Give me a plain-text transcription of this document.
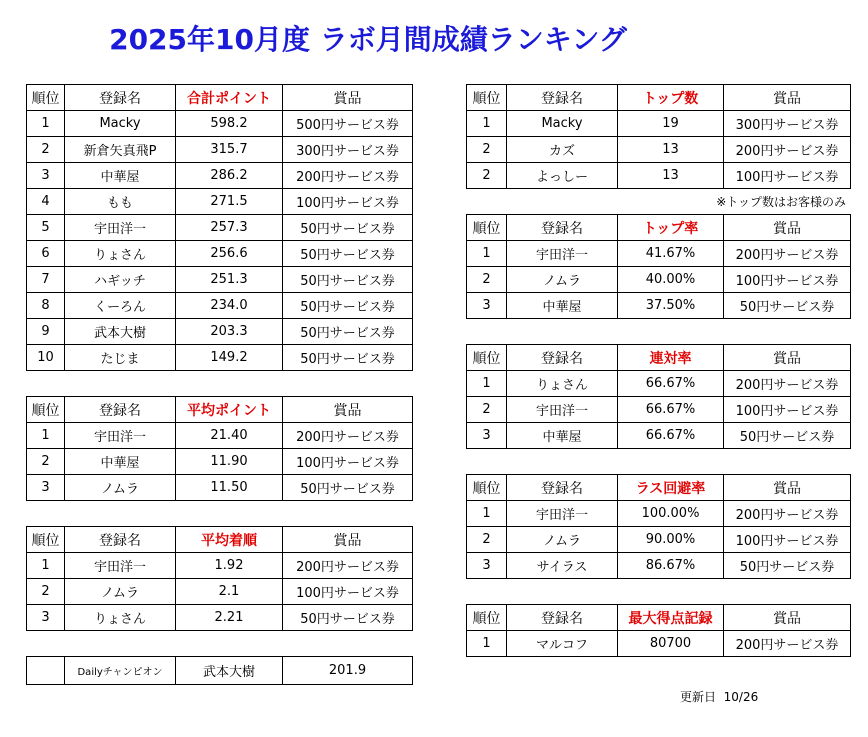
2025年10月度 ラボ月間成績ランキング
順位	登録名	合計ポイント	賞品
1	Macky	598.2	500円サービス券
2	新倉矢真飛P	315.7	300円サービス券
3	中華屋	286.2	200円サービス券
4	もも	271.5	100円サービス券
5	宇田洋一	257.3	50円サービス券
6	りょさん	256.6	50円サービス券
7	ハギッチ	251.3	50円サービス券
8	くーろん	234.0	50円サービス券
9	武本大樹	203.3	50円サービス券
10	たじま	149.2	50円サービス券
順位	登録名	平均ポイント	賞品
1	宇田洋一	21.40	200円サービス券
2	中華屋	11.90	100円サービス券
3	ノムラ	11.50	50円サービス券
順位	登録名	平均着順	賞品
1	宇田洋一	1.92	200円サービス券
2	ノムラ	2.1	100円サービス券
3	りょさん	2.21	50円サービス券
	Dailyチャンピオン	武本大樹	201.9
順位	登録名	トップ数	賞品
1	Macky	19	300円サービス券
2	カズ	13	200円サービス券
2	よっしー	13	100円サービス券
※トップ数はお客様のみ
順位	登録名	トップ率	賞品
1	宇田洋一	41.67%	200円サービス券
2	ノムラ	40.00%	100円サービス券
3	中華屋	37.50%	50円サービス券
順位	登録名	連対率	賞品
1	りょさん	66.67%	200円サービス券
2	宇田洋一	66.67%	100円サービス券
3	中華屋	66.67%	50円サービス券
順位	登録名	ラス回避率	賞品
1	宇田洋一	100.00%	200円サービス券
2	ノムラ	90.00%	100円サービス券
3	サイラス	86.67%	50円サービス券
順位	登録名	最大得点記録	賞品
1	マルコフ	80700	200円サービス券
更新日 10/26
